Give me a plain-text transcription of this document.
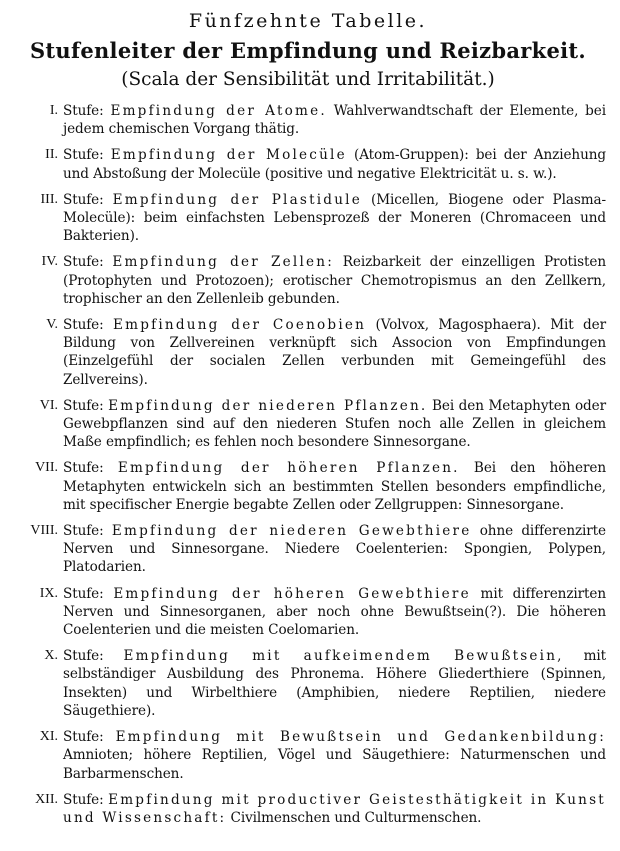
Fünfzehnte Tabelle.

Stufenleiter der Empfindung und Reizbarkeit.

(Scala der Sensibilität und Irritabilität.)

I. Stufe: Empfindung der Atome. Wahlverwandtschaft der Elemente, bei jedem chemischen Vorgang thätig.
II. Stufe: Empfindung der Molecüle (Atom-Gruppen): bei der Anziehung und Abstoßung der Molecüle (positive und negative Elektricität u. s. w.).
III. Stufe: Empfindung der Plastidule (Micellen, Biogene oder Plasma-Molecüle): beim einfachsten Lebensprozeß der Moneren (Chromaceen und Bakterien).
IV. Stufe: Empfindung der Zellen: Reizbarkeit der einzelligen Protisten (Protophyten und Protozoen); erotischer Chemotropismus an den Zellkern, trophischer an den Zellenleib gebunden.
V. Stufe: Empfindung der Coenobien (Volvox, Magosphaera). Mit der Bildung von Zellvereinen verknüpft sich Associon von Empfindungen (Einzelgefühl der socialen Zellen verbunden mit Gemeingefühl des Zellvereins).
VI. Stufe: Empfindung der niederen Pflanzen. Bei den Metaphyten oder Gewebpflanzen sind auf den niederen Stufen noch alle Zellen in gleichem Maße empfindlich; es fehlen noch besondere Sinnesorgane.
VII. Stufe: Empfindung der höheren Pflanzen. Bei den höheren Metaphyten entwickeln sich an bestimmten Stellen besonders empfindliche, mit specifischer Energie begabte Zellen oder Zellgruppen: Sinnesorgane.
VIII. Stufe: Empfindung der niederen Gewebthiere ohne differenzirte Nerven und Sinnesorgane. Niedere Coelenterien: Spongien, Polypen, Platodarien.
IX. Stufe: Empfindung der höheren Gewebthiere mit differenzirten Nerven und Sinnesorganen, aber noch ohne Bewußtsein(?). Die höheren Coelenterien und die meisten Coelomarien.
X. Stufe: Empfindung mit aufkeimendem Bewußtsein, mit selbständiger Ausbildung des Phronema. Höhere Gliederthiere (Spinnen, Insekten) und Wirbelthiere (Amphibien, niedere Reptilien, niedere Säugethiere).
XI. Stufe: Empfindung mit Bewußtsein und Gedankenbildung: Amnioten; höhere Reptilien, Vögel und Säugethiere: Naturmenschen und Barbarmenschen.
XII. Stufe: Empfindung mit productiver Geistesthätigkeit in Kunst und Wissenschaft: Civilmenschen und Culturmenschen.
